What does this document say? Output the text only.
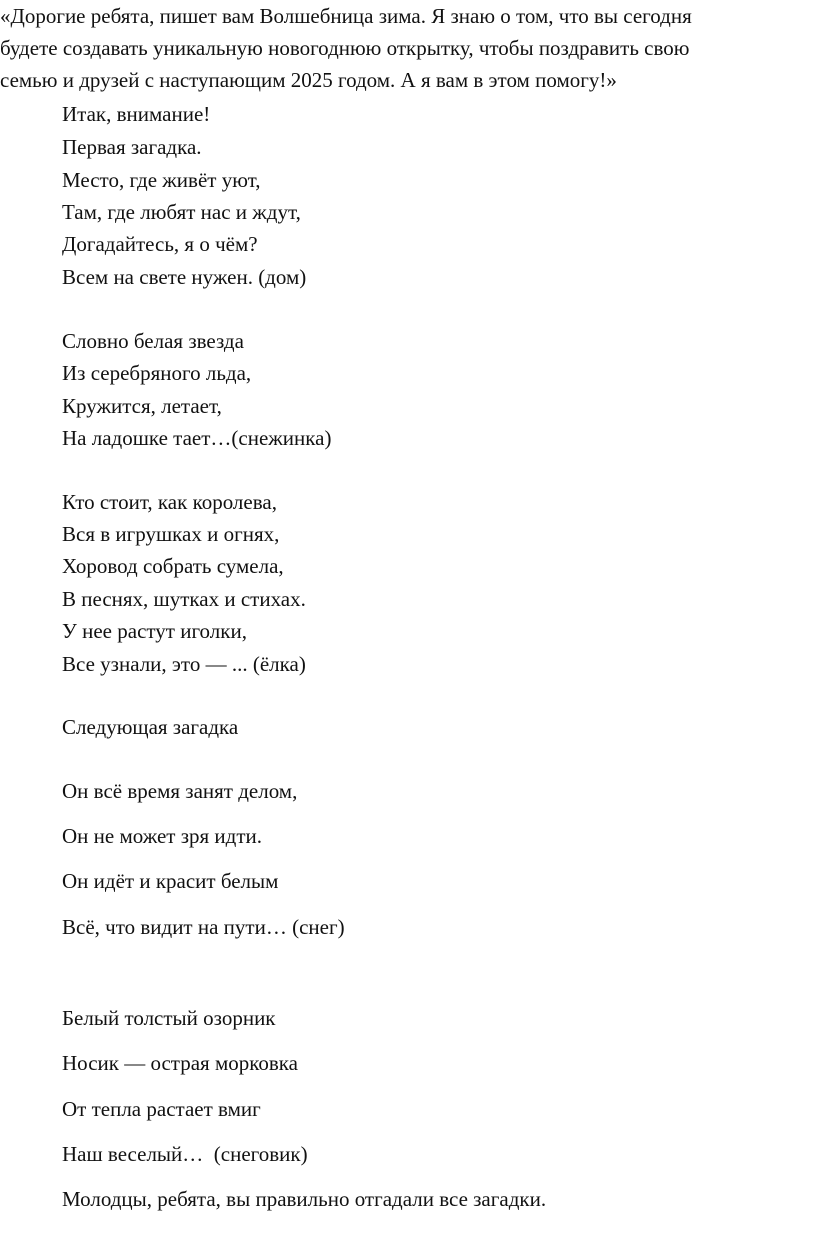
«Дорогие ребята, пишет вам Волшебница зима. Я знаю о том, что вы сегодня
будете создавать уникальную новогоднюю открытку, чтобы поздравить свою
семью и друзей с наступающим 2025 годом. А я вам в этом помогу!»

Итак, внимание!

Первая загадка.

Место, где живёт уют,

Там, где любят нас и ждут,

Догадайтесь, я о чём?

Всем на свете нужен. (дом)

Словно белая звезда

Из серебряного льда,

Кружится, летает,

На ладошке тает…(снежинка)

Кто стоит, как королева,

Вся в игрушках и огнях,

Хоровод собрать сумела,

В песнях, шутках и стихах.

У нее растут иголки,

Все узнали, это — ... (ёлка)

Следующая загадка

Он всё время занят делом,

Он не может зря идти.

Он идёт и красит белым

Всё, что видит на пути… (снег)

Белый толстый озорник

Носик — острая морковка

От тепла растает вмиг

Наш веселый…  (снеговик)

Молодцы, ребята, вы правильно отгадали все загадки.
